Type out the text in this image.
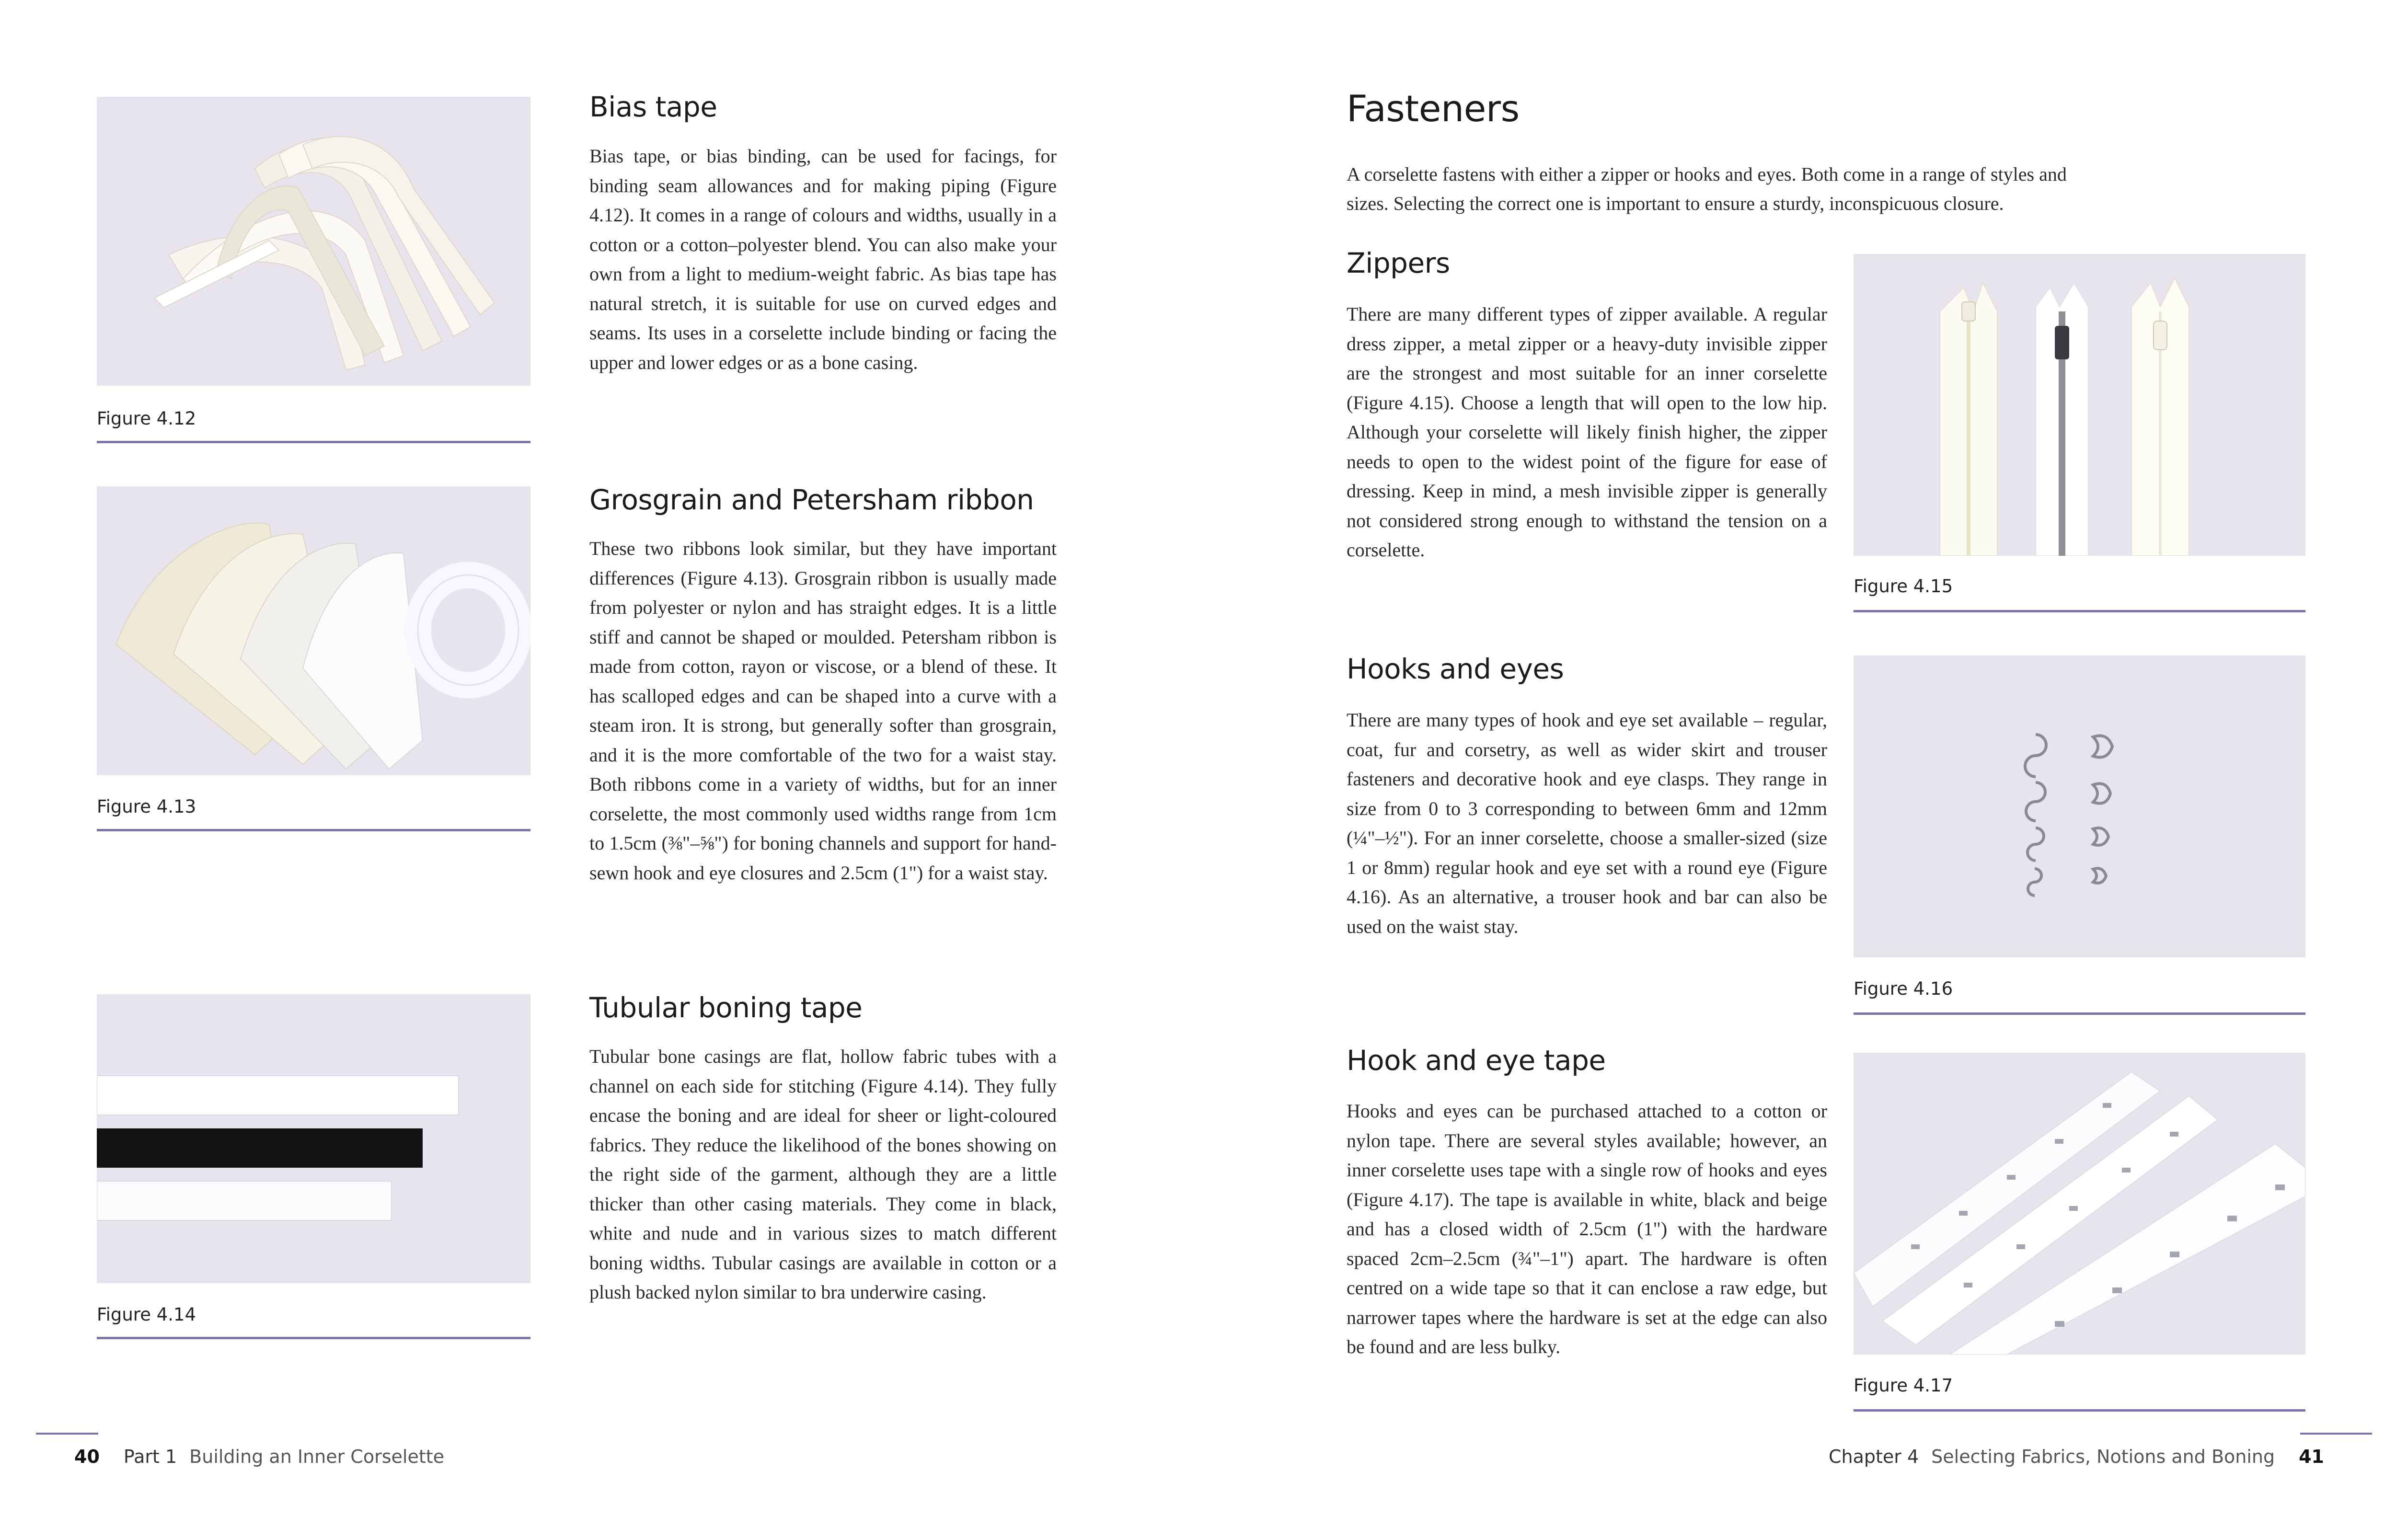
Figure 4.12
Figure 4.13
Figure 4.14
Bias tape

Bias tape, or bias binding, can be used for facings, for binding seam allowances and for making piping (Figure 4.12). It comes in a range of colours and widths, usually in a cotton or a cotton–polyester blend. You can also make your own from a light to medium-weight fabric. As bias tape has natural stretch, it is suitable for use on curved edges and seams. Its uses in a corselette include binding or facing the upper and lower edges or as a bone casing.

Grosgrain and Petersham ribbon

These two ribbons look similar, but they have important differences (Figure 4.13). Grosgrain ribbon is usually made from polyester or nylon and has straight edges. It is a little stiff and cannot be shaped or moulded. Petersham ribbon is made from cotton, rayon or viscose, or a blend of these. It has scalloped edges and can be shaped into a curve with a steam iron. It is strong, but generally softer than grosgrain, and it is the more comfortable of the two for a waist stay. Both ribbons come in a variety of widths, but for an inner corselette, the most commonly used widths range from 1cm to 1.5cm (⅜"–⅝") for boning channels and support for hand-sewn hook and eye closures and 2.5cm (1") for a waist stay.

Tubular boning tape

Tubular bone casings are flat, hollow fabric tubes with a channel on each side for stitching (Figure 4.14). They fully encase the boning and are ideal for sheer or light-coloured fabrics. They reduce the likelihood of the bones showing on the right side of the garment, although they are a little thicker than other casing materials. They come in black, white and nude and in various sizes to match different boning widths. Tubular casings are available in cotton or a plush backed nylon similar to bra underwire casing.

40 Part 1 Building an Inner Corselette
Fasteners

A corselette fastens with either a zipper or hooks and eyes. Both come in a range of styles and sizes. Selecting the correct one is important to ensure a sturdy, inconspicuous closure.

Zippers

There are many different types of zipper available. A regular dress zipper, a metal zipper or a heavy-duty invisible zipper are the strongest and most suitable for an inner corselette (Figure 4.15). Choose a length that will open to the low hip. Although your corselette will likely finish higher, the zipper needs to open to the widest point of the figure for ease of dressing. Keep in mind, a mesh invisible zipper is generally not considered strong enough to withstand the tension on a corselette.

Hooks and eyes

There are many types of hook and eye set available – regular, coat, fur and corsetry, as well as wider skirt and trouser fasteners and decorative hook and eye clasps. They range in size from 0 to 3 corresponding to between 6mm and 12mm (¼"–½"). For an inner corselette, choose a smaller-sized (size 1 or 8mm) regular hook and eye set with a round eye (Figure 4.16). As an alternative, a trouser hook and bar can also be used on the waist stay.

Hook and eye tape

Hooks and eyes can be purchased attached to a cotton or nylon tape. There are several styles available; however, an inner corselette uses tape with a single row of hooks and eyes (Figure 4.17). The tape is available in white, black and beige and has a closed width of 2.5cm (1") with the hardware spaced 2cm–2.5cm (¾"–1") apart. The hardware is often centred on a wide tape so that it can enclose a raw edge, but narrower tapes where the hardware is set at the edge can also be found and are less bulky.

Figure 4.15
Figure 4.16
Figure 4.17
Chapter 4 Selecting Fabrics, Notions and Boning 41
